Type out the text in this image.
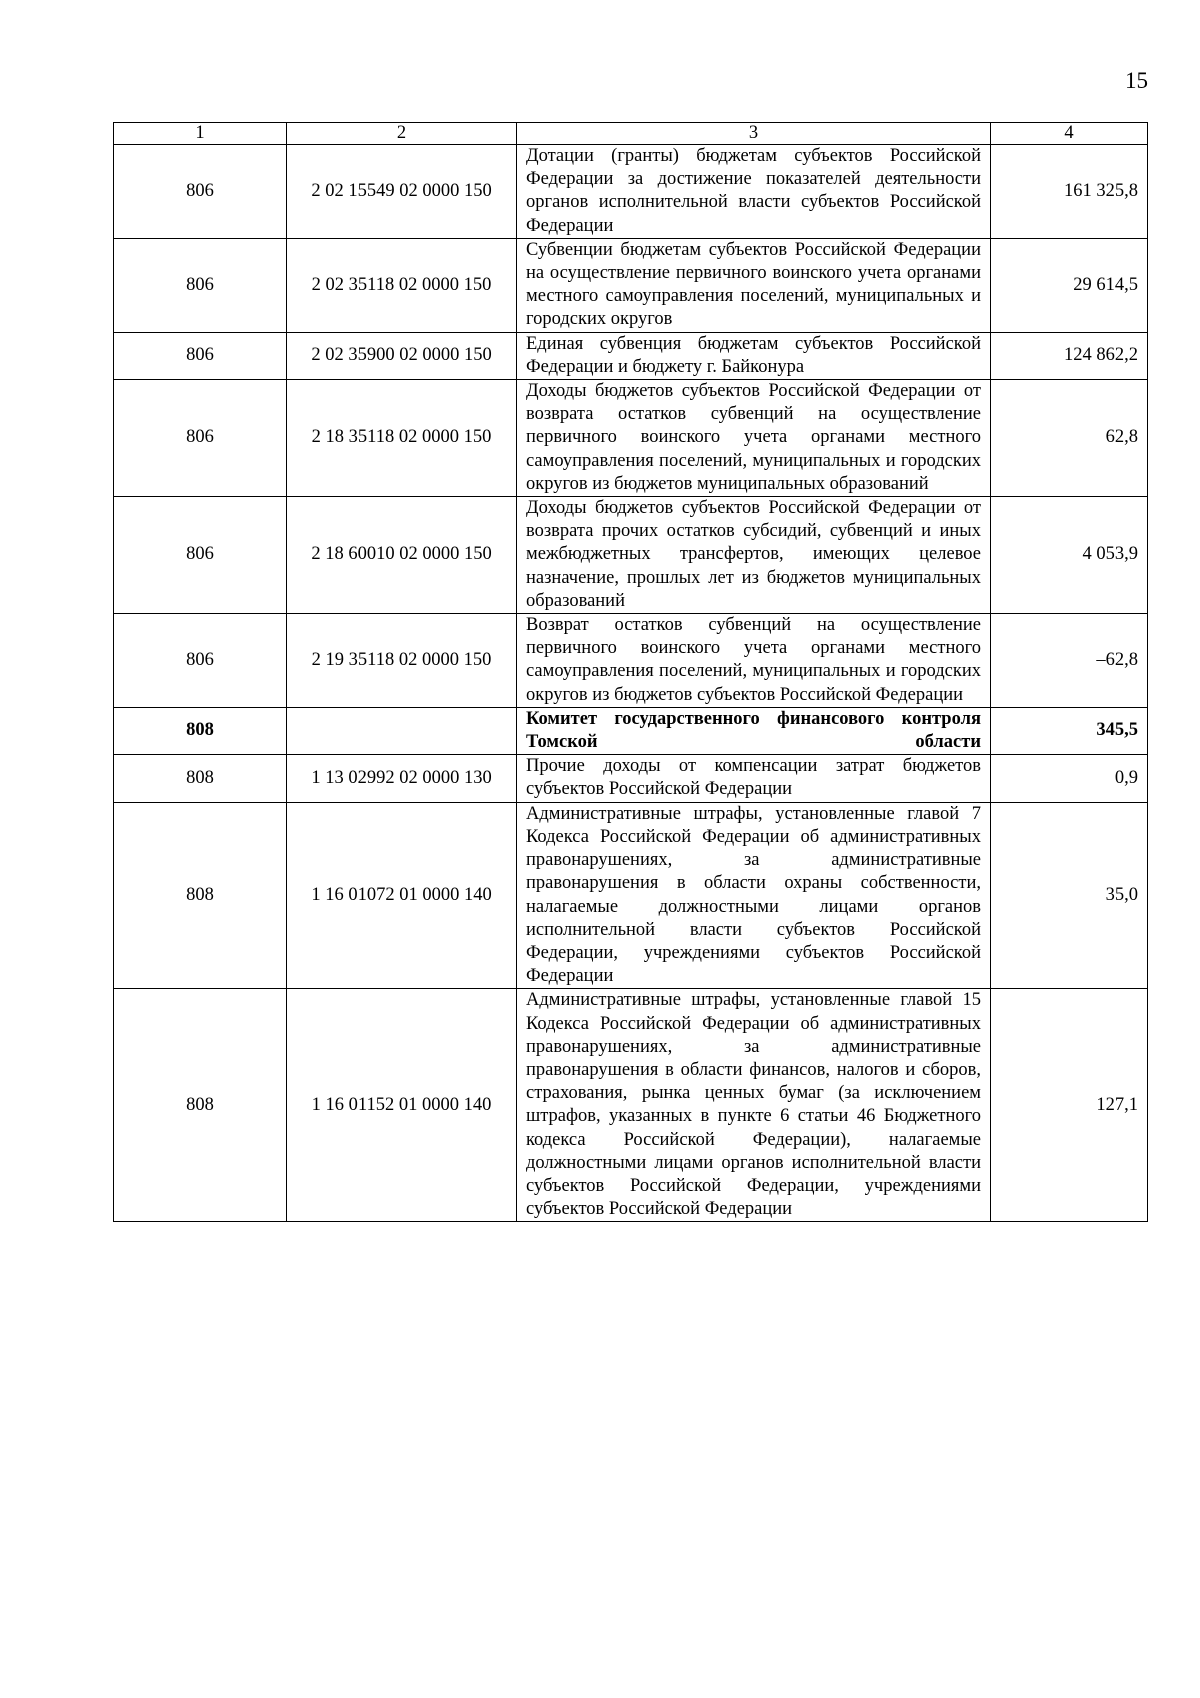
15
1	2	3	4
806	2 02 15549 02 0000 150	Дотации (гранты) бюджетам субъектов Российской Федерации за достижение показателей деятельности органов исполнительной власти субъектов Российской Федерации	161 325,8
806	2 02 35118 02 0000 150	Субвенции бюджетам субъектов Российской Федерации на осуществление первичного воинского учета органами местного самоуправления поселений, муниципальных и городских округов	29 614,5
806	2 02 35900 02 0000 150	Единая субвенция бюджетам субъектов Российской Федерации и бюджету г. Байконура	124 862,2
806	2 18 35118 02 0000 150	Доходы бюджетов субъектов Российской Федерации от возврата остатков субвенций на осуществление первичного воинского учета органами местного самоуправления поселений, муниципальных и городских округов из бюджетов муниципальных образований	62,8
806	2 18 60010 02 0000 150	Доходы бюджетов субъектов Российской Федерации от возврата прочих остатков субсидий, субвенций и иных межбюджетных трансфертов, имеющих целевое назначение, прошлых лет из бюджетов муниципальных образований	4 053,9
806	2 19 35118 02 0000 150	Возврат остатков субвенций на осуществление первичного воинского учета органами местного самоуправления поселений, муниципальных и городских округов из бюджетов субъектов Российской Федерации	–62,8
808		Комитет государственного финансового контроля Томской области	345,5
808	1 13 02992 02 0000 130	Прочие доходы от компенсации затрат бюджетов субъектов Российской Федерации	0,9
808	1 16 01072 01 0000 140	Административные штрафы, установленные главой 7 Кодекса Российской Федерации об административных правонарушениях, за административные правонарушения в области охраны собственности, налагаемые должностными лицами органов исполнительной власти субъектов Российской Федерации, учреждениями субъектов Российской Федерации	35,0
808	1 16 01152 01 0000 140	Административные штрафы, установленные главой 15 Кодекса Российской Федерации об административных правонарушениях, за административные правонарушения в области финансов, налогов и сборов, страхования, рынка ценных бумаг (за исключением штрафов, указанных в пункте 6 статьи 46 Бюджетного кодекса Российской Федерации), налагаемые должностными лицами органов исполнительной власти субъектов Российской Федерации, учреждениями субъектов Российской Федерации	127,1
